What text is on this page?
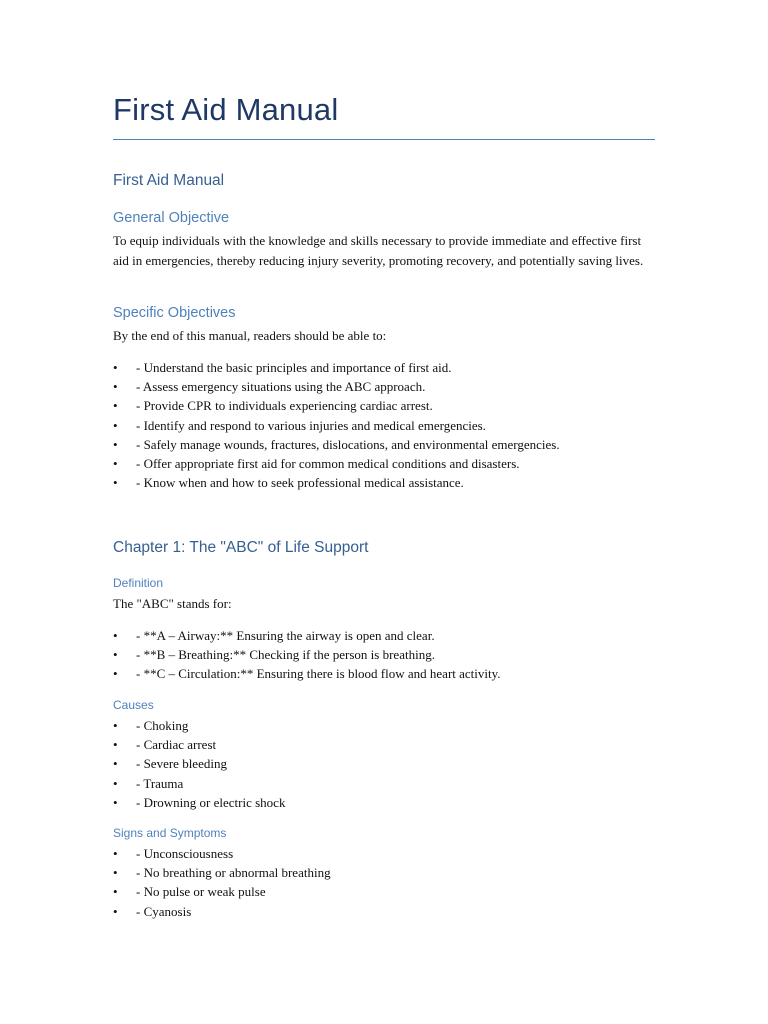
First Aid Manual
First Aid Manual
General Objective
To equip individuals with the knowledge and skills necessary to provide immediate and effective first aid in emergencies, thereby reducing injury severity, promoting recovery, and potentially saving lives.
Specific Objectives
By the end of this manual, readers should be able to:
• - Understand the basic principles and importance of first aid.
• - Assess emergency situations using the ABC approach.
• - Provide CPR to individuals experiencing cardiac arrest.
• - Identify and respond to various injuries and medical emergencies.
• - Safely manage wounds, fractures, dislocations, and environmental emergencies.
• - Offer appropriate first aid for common medical conditions and disasters.
• - Know when and how to seek professional medical assistance.
Chapter 1: The "ABC" of Life Support
Definition
The "ABC" stands for:
• - **A – Airway:** Ensuring the airway is open and clear.
• - **B – Breathing:** Checking if the person is breathing.
• - **C – Circulation:** Ensuring there is blood flow and heart activity.
Causes
• - Choking
• - Cardiac arrest
• - Severe bleeding
• - Trauma
• - Drowning or electric shock
Signs and Symptoms
• - Unconsciousness
• - No breathing or abnormal breathing
• - No pulse or weak pulse
• - Cyanosis
